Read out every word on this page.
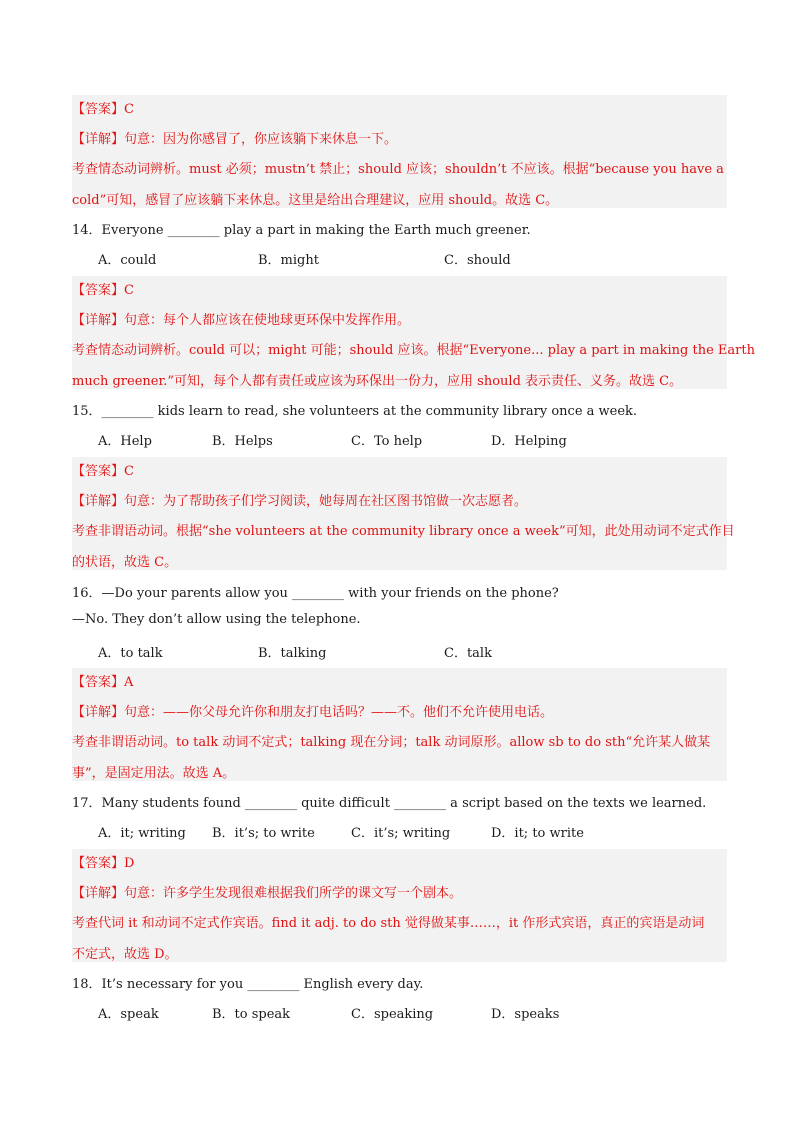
【答案】C
【详解】句意：因为你感冒了，你应该躺下来休息一下。
考查情态动词辨析。must 必须；mustn’t 禁止；should 应该；shouldn’t 不应该。根据“because you have a
cold”可知，感冒了应该躺下来休息。这里是给出合理建议，应用 should。故选 C。
14．Everyone ________ play a part in making the Earth much greener.
A．could	B．might	C．should
【答案】C
【详解】句意：每个人都应该在使地球更环保中发挥作用。
考查情态动词辨析。could 可以；might 可能；should 应该。根据“Everyone... play a part in making the Earth
much greener.”可知，每个人都有责任或应该为环保出一份力，应用 should 表示责任、义务。故选 C。
15．________ kids learn to read, she volunteers at the community library once a week.
A．Help	B．Helps	C．To help	D．Helping
【答案】C
【详解】句意：为了帮助孩子们学习阅读，她每周在社区图书馆做一次志愿者。
考查非谓语动词。根据“she volunteers at the community library once a week”可知，此处用动词不定式作目
的状语，故选 C。
16．—Do your parents allow you ________ with your friends on the phone?
—No. They don’t allow using the telephone.
A．to talk	B．talking	C．talk
【答案】A
【详解】句意：——你父母允许你和朋友打电话吗？——不。他们不允许使用电话。
考查非谓语动词。to talk 动词不定式；talking 现在分词；talk 动词原形。allow sb to do sth“允许某人做某
事”，是固定用法。故选 A。
17．Many students found ________ quite difficult ________ a script based on the texts we learned.
A．it; writing B．it’s; to write	C．it’s; writing	D．it; to write
【答案】D
【详解】句意：许多学生发现很难根据我们所学的课文写一个剧本。
考查代词 it 和动词不定式作宾语。find it adj. to do sth 觉得做某事……，it 作形式宾语，真正的宾语是动词
不定式，故选 D。
18．It’s necessary for you ________ English every day.
A．speak	B．to speak	C．speaking	D．speaks
